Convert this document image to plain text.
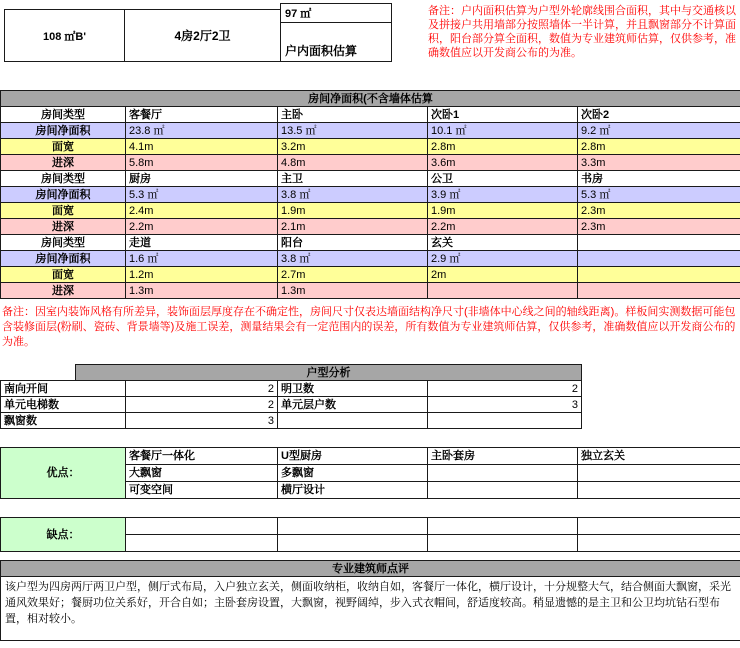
108 ㎡B'	4房2厅2卫
97 ㎡
户内面积估算
备注：户内面积估算为户型外轮廓线围合面积，其中与交通核以及拼接户共用墙部分按照墙体一半计算，并且飘窗部分不计算面积，阳台部分算全面积，数值为专业建筑师估算，仅供参考，准确数值应以开发商公布的为准。
房间净面积(不含墙体估算				
房间类型	客餐厅	主卧	次卧1	次卧2
房间净面积	23.8 ㎡	13.5 ㎡	10.1 ㎡	9.2 ㎡
面宽	4.1m	3.2m	2.8m	2.8m
进深	5.8m	4.8m	3.6m	3.3m
房间类型	厨房	主卫	公卫	书房
房间净面积	5.3 ㎡	3.8 ㎡	3.9 ㎡	5.3 ㎡
面宽	2.4m	1.9m	1.9m	2.3m
进深	2.2m	2.1m	2.2m	2.3m
房间类型	走道	阳台	玄关	
房间净面积	1.6 ㎡	3.8 ㎡	2.9 ㎡	
面宽	1.2m	2.7m	2m	
进深	1.3m	1.3m		
备注：因室内装饰风格有所差异，装饰面层厚度存在不确定性，房间尺寸仅表达墙面结构净尺寸(非墙体中心线之间的轴线距离)。样板间实测数据可能包含装修面层(粉刷、瓷砖、背景墙等)及施工误差，测量结果会有一定范围内的误差，所有数值为专业建筑师估算，仅供参考，准确数值应以开发商公布的为准。
	户型分析			
南向开间		2	明卫数	2
单元电梯数		2	单元层户数	3
飘窗数		3		
优点：	客餐厅一体化	U型厨房	主卧套房	独立玄关
	大飘窗	多飘窗		
	可变空间	横厅设计		
缺点：				

专业建筑师点评
该户型为四房两厅两卫户型，侧厅式布局，入户独立玄关，侧面收纳柜，收纳自如，客餐厅一体化，横厅设计，十分规整大气，结合侧面大飘窗，采光通风效果好；餐厨功位关系好，开合自如；主卧套房设置，大飘窗，视野阔绰，步入式衣帽间，舒适度较高。稍显遗憾的是主卫和公卫均坑钻石型布置，相对较小。
